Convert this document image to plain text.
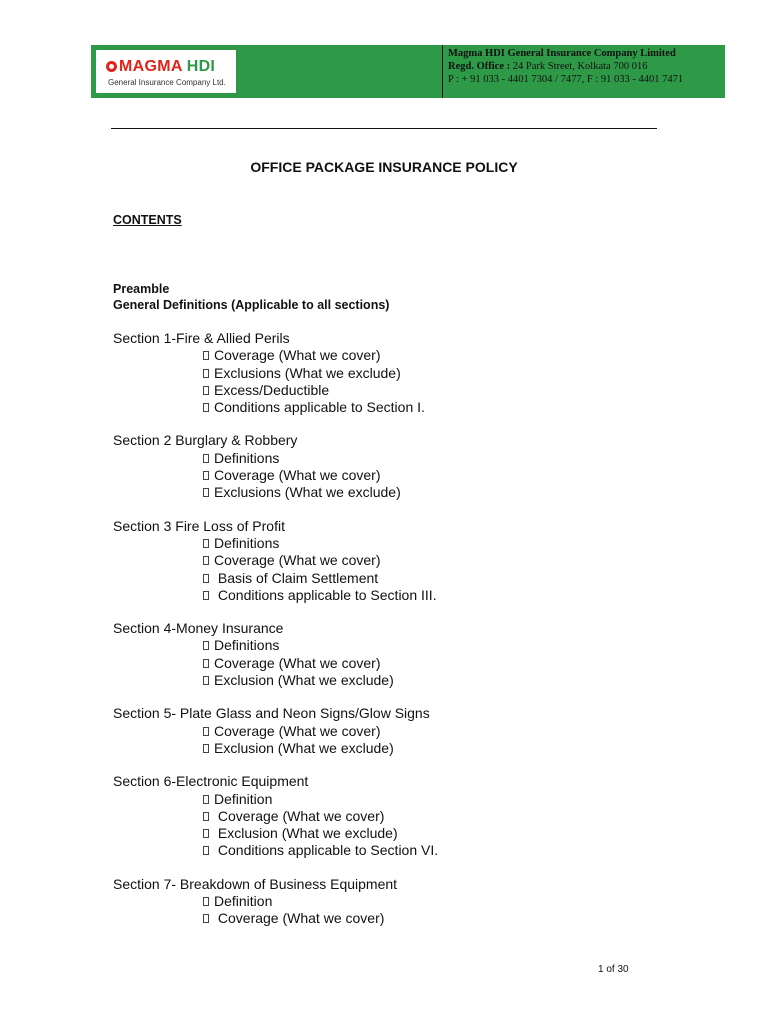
MAGMA HDI
General Insurance Company Ltd.
Magma HDI General Insurance Company Limited
Regd. Office : 24 Park Street, Kolkata 700 016
P : + 91 033 - 4401 7304 / 7477, F : 91 033 - 4401 7471
OFFICE PACKAGE INSURANCE POLICY
CONTENTS
Preamble
General Definitions (Applicable to all sections)
Section 1-Fire & Allied Perils
Coverage (What we cover)
Exclusions (What we exclude)
Excess/Deductible
Conditions applicable to Section I.
Section 2 Burglary & Robbery
Definitions
Coverage (What we cover)
Exclusions (What we exclude)
Section 3 Fire Loss of Profit
Definitions
Coverage (What we cover)
Basis of Claim Settlement
Conditions applicable to Section III.
Section 4-Money Insurance
Definitions
Coverage (What we cover)
Exclusion (What we exclude)
Section 5- Plate Glass and Neon Signs/Glow Signs
Coverage (What we cover)
Exclusion (What we exclude)
Section 6-Electronic Equipment
Definition
Coverage (What we cover)
Exclusion (What we exclude)
Conditions applicable to Section VI.
Section 7- Breakdown of Business Equipment
Definition
Coverage (What we cover)
1 of 30
